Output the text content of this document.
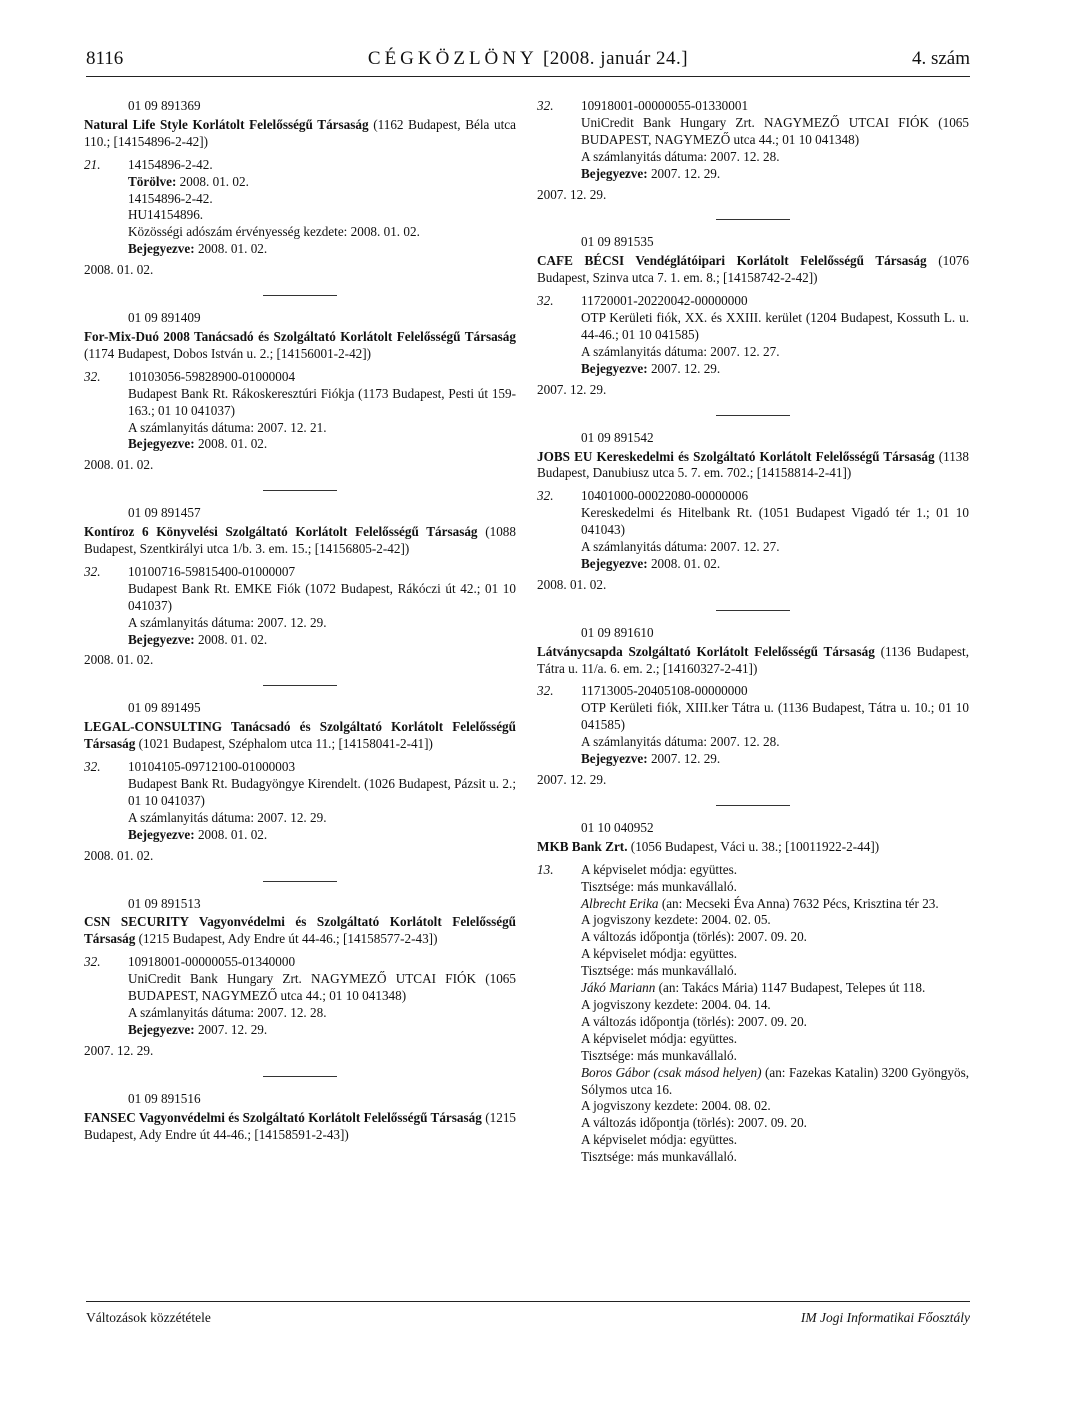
8116	CÉGKÖZLÖNY [2008. január 24.]	4. szám
01 09 891369
Natural Life Style Korlátolt Felelősségű Társaság (1162 Budapest, Béla utca 110.; [14154896-2-42])
21.	14154896-2-42.
Törölve: 2008. 01. 02.
14154896-2-42.
HU14154896.
Közösségi adószám érvényesség kezdete: 2008. 01. 02.
Bejegyezve: 2008. 01. 02.
2008. 01. 02.
01 09 891409
For-Mix-Duó 2008 Tanácsadó és Szolgáltató Korlátolt Felelősségű Társaság (1174 Budapest, Dobos István u. 2.; [14156001-2-42])
32.	10103056-59828900-01000004
Budapest Bank Rt. Rákoskeresztúri Fiókja (1173 Budapest, Pesti út 159-163.; 01 10 041037)
A számlanyitás dátuma: 2007. 12. 21.
Bejegyezve: 2008. 01. 02.
2008. 01. 02.
01 09 891457
Kontíroz 6 Könyvelési Szolgáltató Korlátolt Felelősségű Társaság (1088 Budapest, Szentkirályi utca 1/b. 3. em. 15.; [14156805-2-42])
32.	10100716-59815400-01000007
Budapest Bank Rt. EMKE Fiók (1072 Budapest, Rákóczi út 42.; 01 10 041037)
A számlanyitás dátuma: 2007. 12. 29.
Bejegyezve: 2008. 01. 02.
2008. 01. 02.
01 09 891495
LEGAL-CONSULTING Tanácsadó és Szolgáltató Korlátolt Felelősségű Társaság (1021 Budapest, Széphalom utca 11.; [14158041-2-41])
32.	10104105-09712100-01000003
Budapest Bank Rt. Budagyöngye Kirendelt. (1026 Budapest, Pázsit u. 2.; 01 10 041037)
A számlanyitás dátuma: 2007. 12. 29.
Bejegyezve: 2008. 01. 02.
2008. 01. 02.
01 09 891513
CSN SECURITY Vagyonvédelmi és Szolgáltató Korlátolt Felelősségű Társaság (1215 Budapest, Ady Endre út 44-46.; [14158577-2-43])
32.	10918001-00000055-01340000
UniCredit Bank Hungary Zrt. NAGYMEZŐ UTCAI FIÓK (1065 BUDAPEST, NAGYMEZŐ utca 44.; 01 10 041348)
A számlanyitás dátuma: 2007. 12. 28.
Bejegyezve: 2007. 12. 29.
2007. 12. 29.
01 09 891516
FANSEC Vagyonvédelmi és Szolgáltató Korlátolt Felelősségű Társaság (1215 Budapest, Ady Endre út 44-46.; [14158591-2-43])
32.	10918001-00000055-01330001
UniCredit Bank Hungary Zrt. NAGYMEZŐ UTCAI FIÓK (1065 BUDAPEST, NAGYMEZŐ utca 44.; 01 10 041348)
A számlanyitás dátuma: 2007. 12. 28.
Bejegyezve: 2007. 12. 29.
2007. 12. 29.
01 09 891535
CAFE BÉCSI Vendéglátóipari Korlátolt Felelősségű Társaság (1076 Budapest, Szinva utca 7. 1. em. 8.; [14158742-2-42])
32.	11720001-20220042-00000000
OTP Kerületi fiók, XX. és XXIII. kerület (1204 Budapest, Kossuth L. u. 44-46.; 01 10 041585)
A számlanyitás dátuma: 2007. 12. 27.
Bejegyezve: 2007. 12. 29.
2007. 12. 29.
01 09 891542
JOBS EU Kereskedelmi és Szolgáltató Korlátolt Felelősségű Társaság (1138 Budapest, Danubiusz utca 5. 7. em. 702.; [14158814-2-41])
32.	10401000-00022080-00000006
Kereskedelmi és Hitelbank Rt. (1051 Budapest Vigadó tér 1.; 01 10 041043)
A számlanyitás dátuma: 2007. 12. 27.
Bejegyezve: 2008. 01. 02.
2008. 01. 02.
01 09 891610
Látványcsapda Szolgáltató Korlátolt Felelősségű Társaság (1136 Budapest, Tátra u. 11/a. 6. em. 2.; [14160327-2-41])
32.	11713005-20405108-00000000
OTP Kerületi fiók, XIII.ker Tátra u. (1136 Budapest, Tátra u. 10.; 01 10 041585)
A számlanyitás dátuma: 2007. 12. 28.
Bejegyezve: 2007. 12. 29.
2007. 12. 29.
01 10 040952
MKB Bank Zrt. (1056 Budapest, Váci u. 38.; [10011922-2-44])
13.	A képviselet módja: együttes.
Tisztsége: más munkavállaló.
Albrecht Erika (an: Mecseki Éva Anna) 7632 Pécs, Krisztina tér 23.
A jogviszony kezdete: 2004. 02. 05.
A változás időpontja (törlés): 2007. 09. 20.
A képviselet módja: együttes.
Tisztsége: más munkavállaló.
Jákó Mariann (an: Takács Mária) 1147 Budapest, Telepes út 118.
A jogviszony kezdete: 2004. 04. 14.
A változás időpontja (törlés): 2007. 09. 20.
A képviselet módja: együttes.
Tisztsége: más munkavállaló.
Boros Gábor (csak másod helyen) (an: Fazekas Katalin) 3200 Gyöngyös, Sólymos utca 16.
A jogviszony kezdete: 2004. 08. 02.
A változás időpontja (törlés): 2007. 09. 20.
A képviselet módja: együttes.
Tisztsége: más munkavállaló.
Változások közzététele	IM Jogi Informatikai Főosztály
